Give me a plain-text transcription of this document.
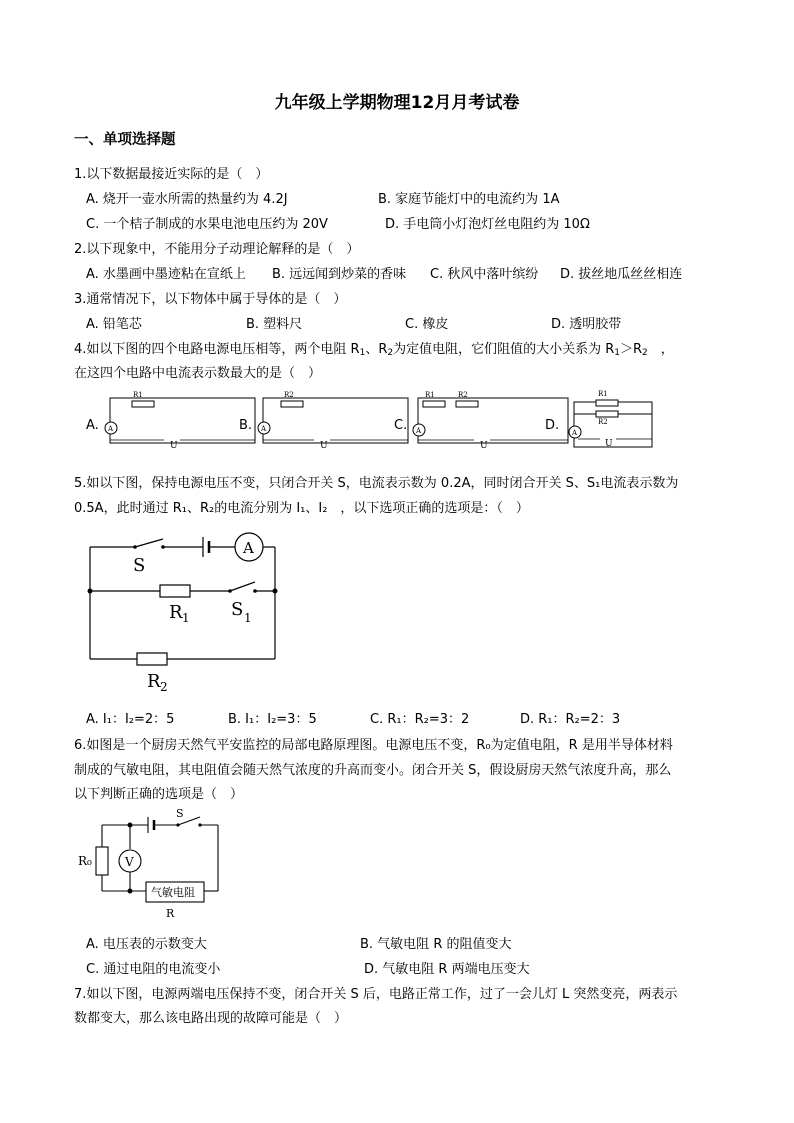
九年级上学期物理12月月考试卷
一、单项选择题
1.以下数据最接近实际的是（　）
A. 烧开一壶水所需的热量约为 4.2J	B. 家庭节能灯中的电流约为 1A
C. 一个桔子制成的水果电池电压约为 20V	D. 手电筒小灯泡灯丝电阻约为 10Ω
2.以下现象中，不能用分子动理论解释的是（　）
A. 水墨画中墨迹粘在宣纸上 B. 远远闻到炒菜的香味 C. 秋风中落叶缤纷 D. 拔丝地瓜丝丝相连
3.通常情况下，以下物体中属于导体的是（　）
A. 铅笔芯	B. 塑料尺	C. 橡皮	D. 透明胶带
4.如以下图的四个电路电源电压相等，两个电阻 $R_1$、$R_2$为定值电阻，它们阻值的大小关系为 $R_1>R_2$　，
在这四个电路中电流表示数最大的是（　）
R1	R2	R1	R2	R1
R2
A	A	A	A
U	U	U	U
A.	B.	C.	D.
5.如以下图，保持电源电压不变，只闭合开关 S，电流表示数为 0.2A，同时闭合开关 S、S₁电流表示数为
0.5A，此时通过 R₁、R₂的电流分别为 I₁、I₂　，以下选项正确的选项是：（　）
A
S
S 1
R 1
R 2
A. I₁：I₂=2：5	B. I₁：I₂=3：5	C. R₁：R₂=3：2	D. R₁：R₂=2：3
6.如图是一个厨房天然气平安监控的局部电路原理图。电源电压不变，R₀为定值电阻，R 是用半导体材料
制成的气敏电阻，其电阻值会随天然气浓度的升高而变小。闭合开关 S，假设厨房天然气浓度升高，那么
以下判断正确的选项是（　）
S
R₀	V
气敏电阻
R
A. 电压表的示数变大	B. 气敏电阻 R 的阻值变大
C. 通过电阻的电流变小	D. 气敏电阻 R 两端电压变大
7.如以下图，电源两端电压保持不变，闭合开关 S 后，电路正常工作，过了一会儿灯 L 突然变亮，两表示
数都变大，那么该电路出现的故障可能是（　）
